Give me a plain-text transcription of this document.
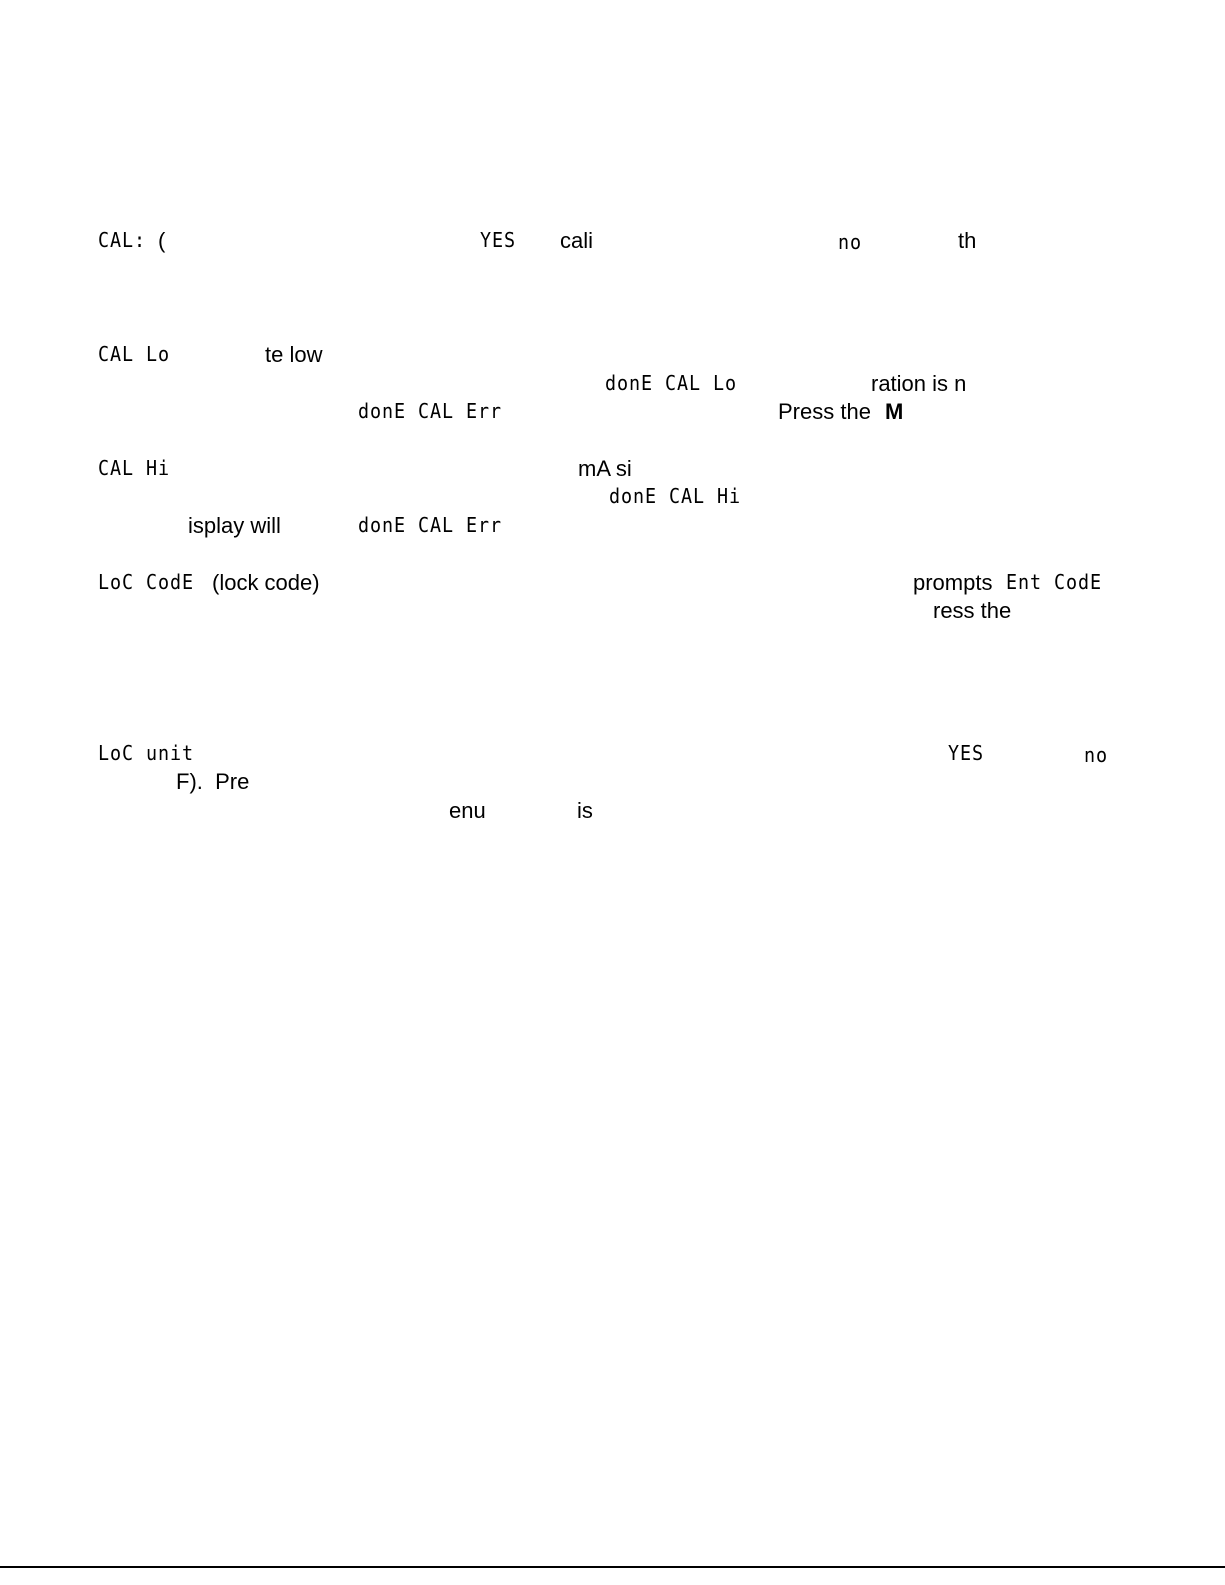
CAL: (	YES cali	no	th
CAL Lo	te low
donE CAL Lo	ration is n
donE CAL Err	Press the M
CAL Hi	mA si
donE CAL Hi
isplay will	donE CAL Err
LoC CodE (lock code)	prompts Ent CodE
ress the
LoC unit	YES	no
F).  Pre
enu	is
